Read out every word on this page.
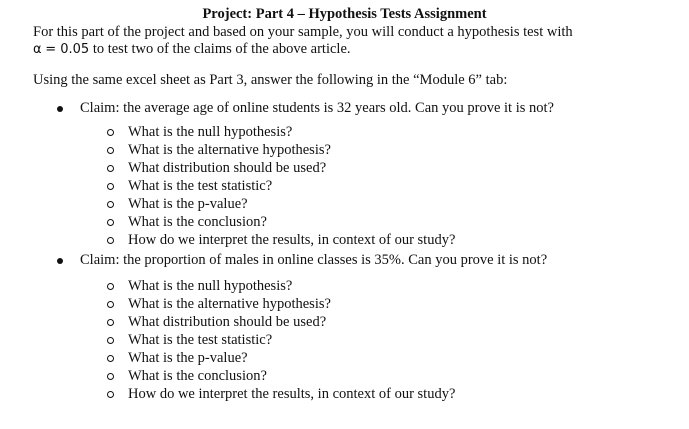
Project: Part 4 – Hypothesis Tests Assignment
For this part of the project and based on your sample, you will conduct a hypothesis test with
α = 0.05 to test two of the claims of the above article.
Using the same excel sheet as Part 3, answer the following in the “Module 6” tab:
Claim: the average age of online students is 32 years old. Can you prove it is not?
What is the null hypothesis?
What is the alternative hypothesis?
What distribution should be used?
What is the test statistic?
What is the p-value?
What is the conclusion?
How do we interpret the results, in context of our study?
Claim: the proportion of males in online classes is 35%. Can you prove it is not?
What is the null hypothesis?
What is the alternative hypothesis?
What distribution should be used?
What is the test statistic?
What is the p-value?
What is the conclusion?
How do we interpret the results, in context of our study?
